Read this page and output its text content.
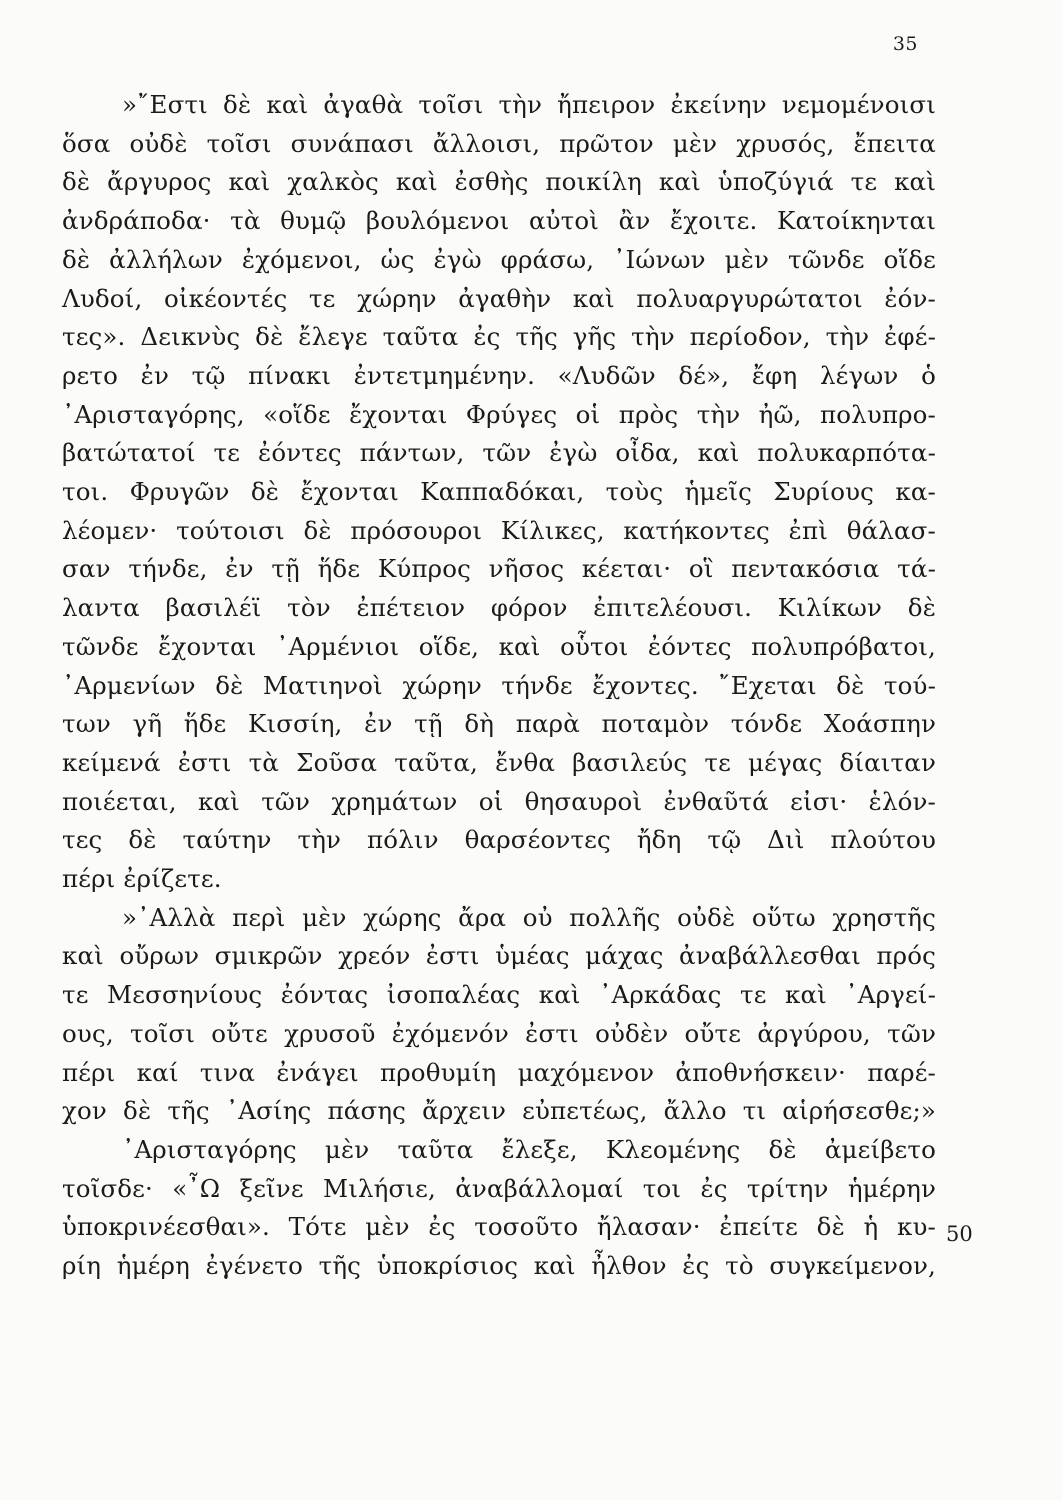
35
50
»῎Εστι δὲ καὶ ἀγαθὰ τοῖσι τὴν ἤπειρον ἐκείνην νεμομένοισι
ὅσα οὐδὲ τοῖσι συνάπασι ἄλλοισι, πρῶτον μὲν χρυσός, ἔπειτα
δὲ ἄργυρος καὶ χαλκὸς καὶ ἐσθὴς ποικίλη καὶ ὑποζύγιά τε καὶ
ἀνδράποδα· τὰ θυμῷ βουλόμενοι αὐτοὶ ἂν ἔχοιτε. Κατοίκηνται
δὲ ἀλλήλων ἐχόμενοι, ὡς ἐγὼ φράσω, ᾽Ιώνων μὲν τῶνδε οἵδε
Λυδοί, οἰκέοντές τε χώρην ἀγαθὴν καὶ πολυαργυρώτατοι ἐόν-
τες». Δεικνὺς δὲ ἔλεγε ταῦτα ἐς τῆς γῆς τὴν περίοδον, τὴν ἐφέ-
ρετο ἐν τῷ πίνακι ἐντετμημένην. «Λυδῶν δέ», ἔφη λέγων ὁ
᾽Αρισταγόρης, «οἵδε ἔχονται Φρύγες οἱ πρὸς τὴν ἠῶ, πολυπρο-
βατώτατοί τε ἐόντες πάντων, τῶν ἐγὼ οἶδα, καὶ πολυκαρπότα-
τοι. Φρυγῶν δὲ ἔχονται Καππαδόκαι, τοὺς ἡμεῖς Συρίους κα-
λέομεν· τούτοισι δὲ πρόσουροι Κίλικες, κατήκοντες ἐπὶ θάλασ-
σαν τήνδε, ἐν τῇ ἥδε Κύπρος νῆσος κέεται· οἳ πεντακόσια τά-
λαντα βασιλέϊ τὸν ἐπέτειον φόρον ἐπιτελέουσι. Κιλίκων δὲ
τῶνδε ἔχονται ᾽Αρμένιοι οἵδε, καὶ οὗτοι ἐόντες πολυπρόβατοι,
᾽Αρμενίων δὲ Ματιηνοὶ χώρην τήνδε ἔχοντες. ῎Εχεται δὲ τού-
των γῆ ἥδε Κισσίη, ἐν τῇ δὴ παρὰ ποταμὸν τόνδε Χοάσπην
κείμενά ἐστι τὰ Σοῦσα ταῦτα, ἔνθα βασιλεύς τε μέγας δίαιταν
ποιέεται, καὶ τῶν χρημάτων οἱ θησαυροὶ ἐνθαῦτά εἰσι· ἑλόν-
τες δὲ ταύτην τὴν πόλιν θαρσέοντες ἤδη τῷ Διὶ πλούτου
πέρι ἐρίζετε.
»᾽Αλλὰ περὶ μὲν χώρης ἄρα οὐ πολλῆς οὐδὲ οὕτω χρηστῆς
καὶ οὔρων σμικρῶν χρεόν ἐστι ὑμέας μάχας ἀναβάλλεσθαι πρός
τε Μεσσηνίους ἐόντας ἰσοπαλέας καὶ ᾽Αρκάδας τε καὶ ᾽Αργεί-
ους, τοῖσι οὔτε χρυσοῦ ἐχόμενόν ἐστι οὐδὲν οὔτε ἀργύρου, τῶν
πέρι καί τινα ἐνάγει προθυμίη μαχόμενον ἀποθνήσκειν· παρέ-
χον δὲ τῆς ᾽Ασίης πάσης ἄρχειν εὐπετέως, ἄλλο τι αἱρήσεσθε;»
᾽Αρισταγόρης μὲν ταῦτα ἔλεξε, Κλεομένης δὲ ἀμείβετο
τοῖσδε· «῏Ω ξεῖνε Μιλήσιε, ἀναβάλλομαί τοι ἐς τρίτην ἡμέρην
ὑποκρινέεσθαι». Τότε μὲν ἐς τοσοῦτο ἤλασαν· ἐπείτε δὲ ἡ κυ-
ρίη ἡμέρη ἐγένετο τῆς ὑποκρίσιος καὶ ἦλθον ἐς τὸ συγκείμενον,
